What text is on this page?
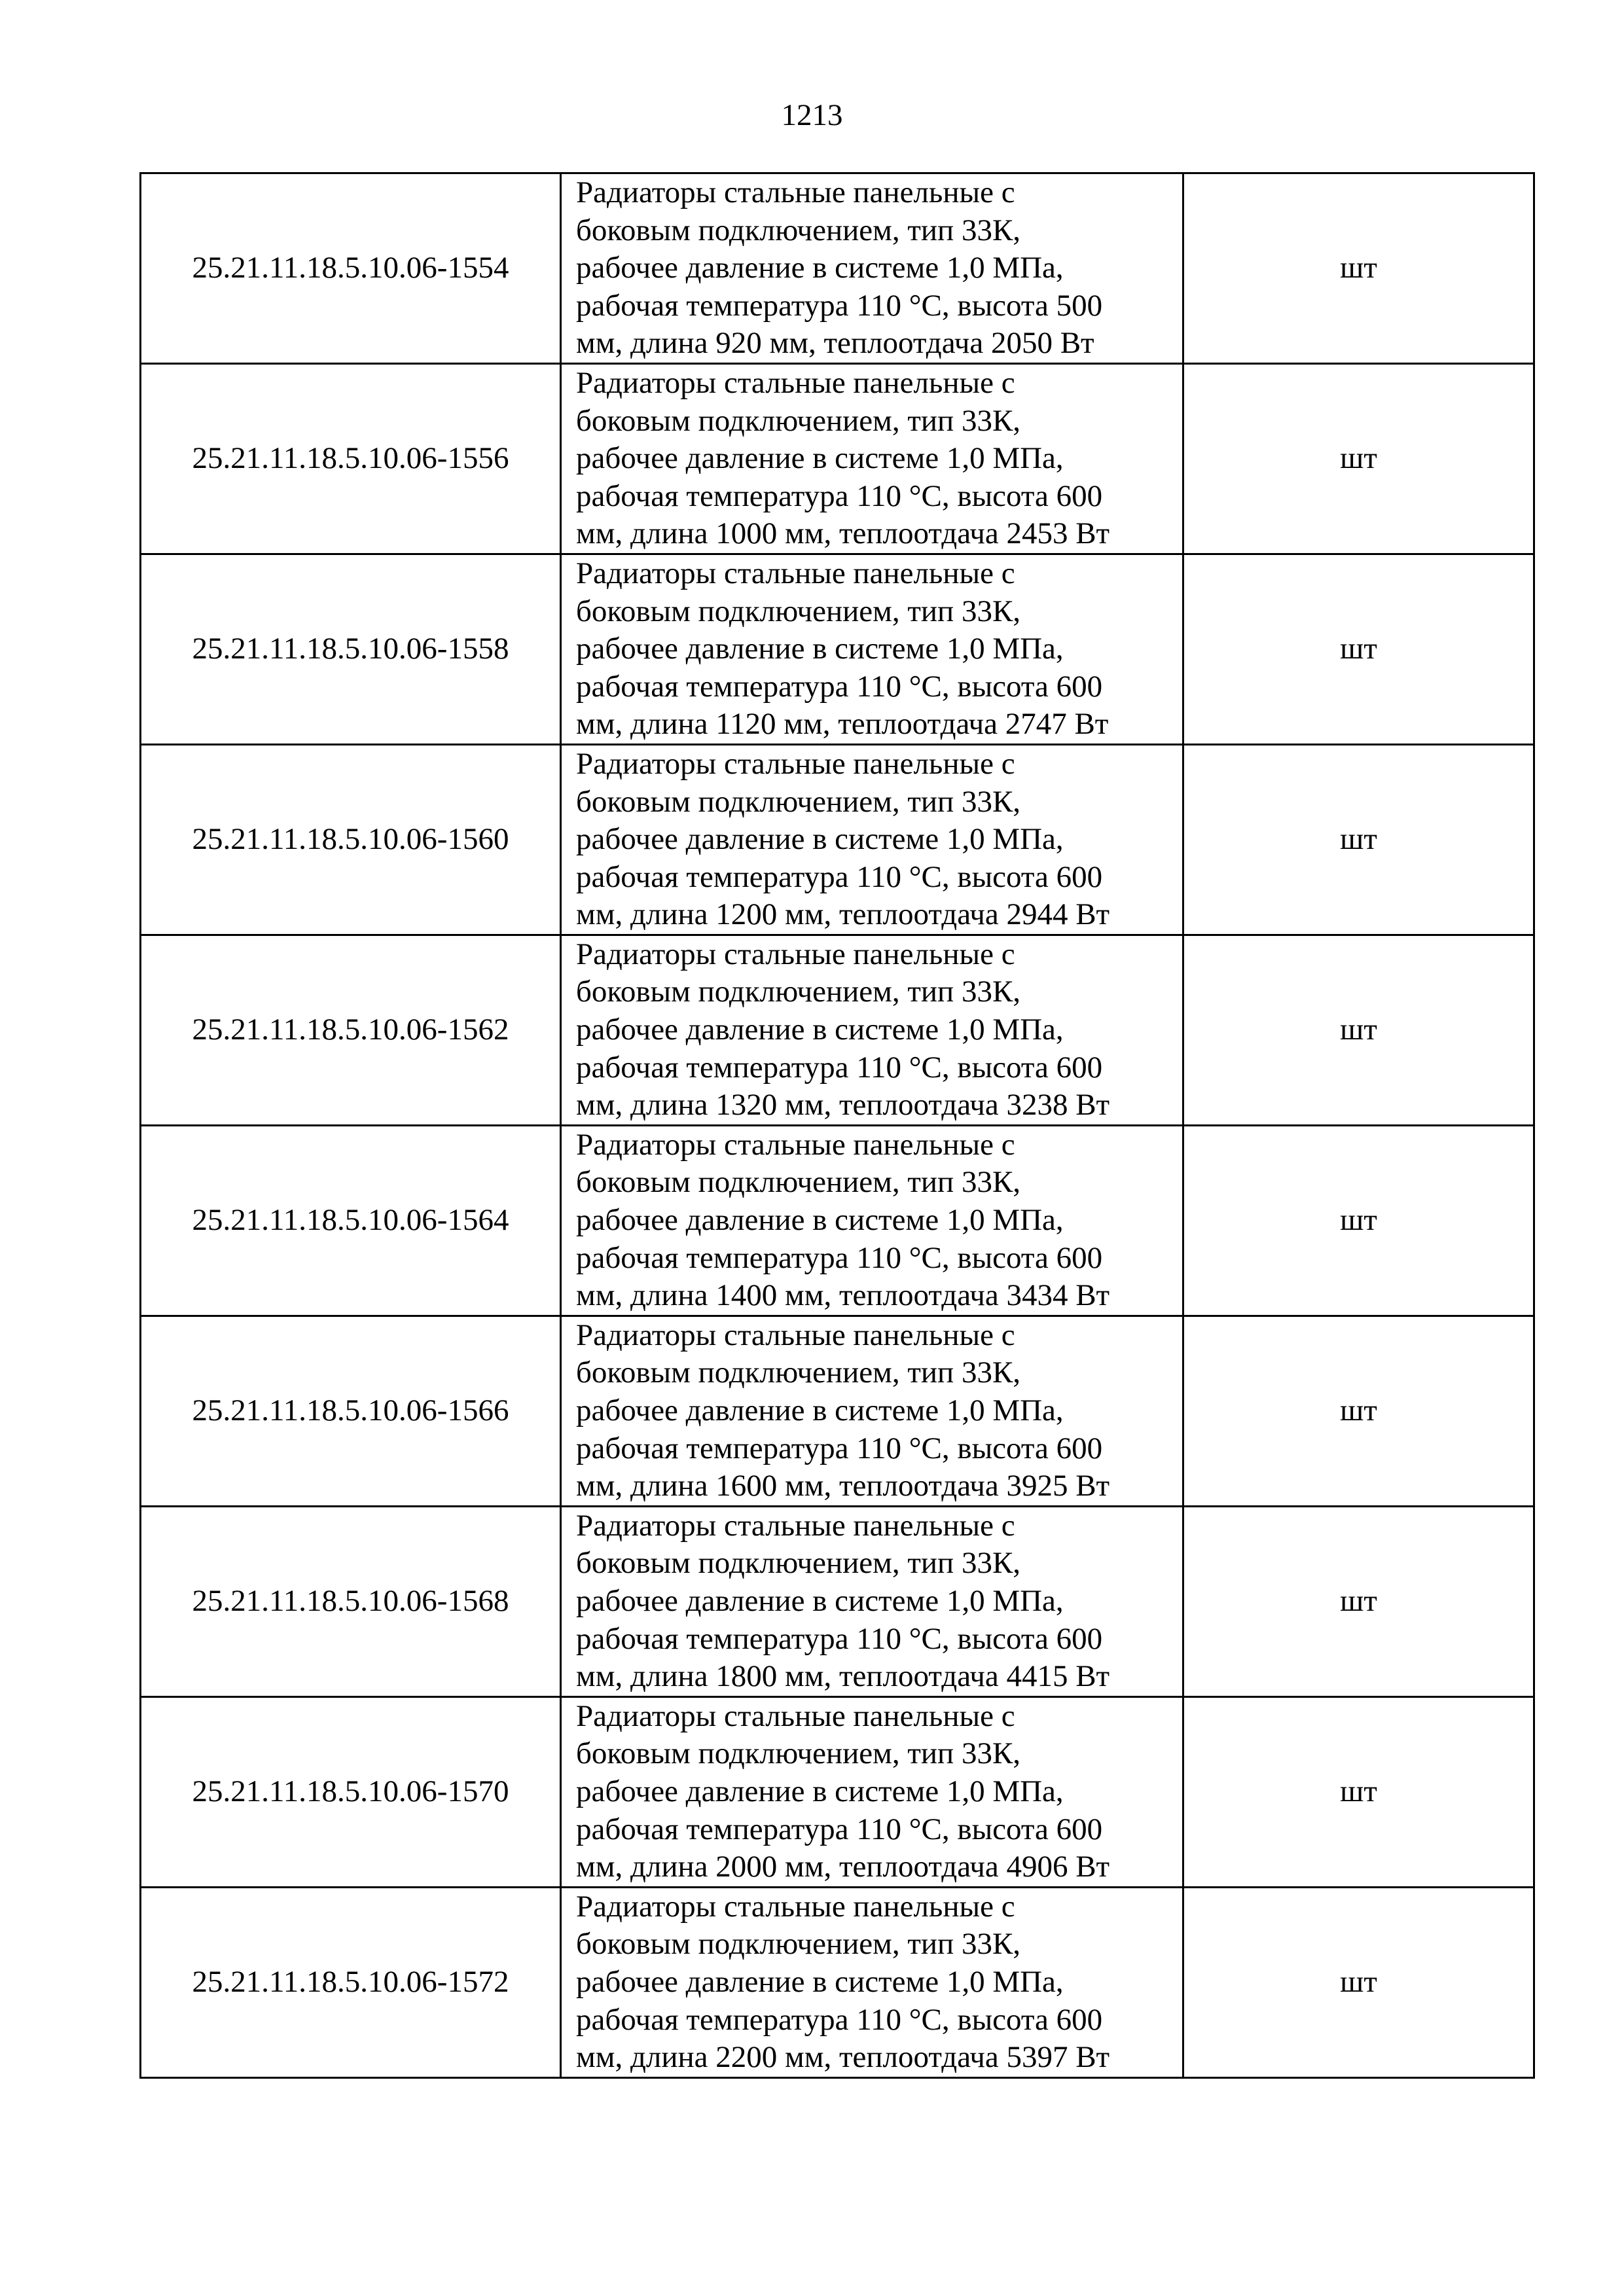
1213
25.21.11.18.5.10.06-1554	Радиаторы стальные панельные с
боковым подключением, тип 33К,
рабочее давление в системе 1,0 МПа,
рабочая температура 110 °С, высота 500
мм, длина 920 мм, теплоотдача 2050 Вт	шт
25.21.11.18.5.10.06-1556	Радиаторы стальные панельные с
боковым подключением, тип 33К,
рабочее давление в системе 1,0 МПа,
рабочая температура 110 °С, высота 600
мм, длина 1000 мм, теплоотдача 2453 Вт	шт
25.21.11.18.5.10.06-1558	Радиаторы стальные панельные с
боковым подключением, тип 33К,
рабочее давление в системе 1,0 МПа,
рабочая температура 110 °С, высота 600
мм, длина 1120 мм, теплоотдача 2747 Вт	шт
25.21.11.18.5.10.06-1560	Радиаторы стальные панельные с
боковым подключением, тип 33К,
рабочее давление в системе 1,0 МПа,
рабочая температура 110 °С, высота 600
мм, длина 1200 мм, теплоотдача 2944 Вт	шт
25.21.11.18.5.10.06-1562	Радиаторы стальные панельные с
боковым подключением, тип 33К,
рабочее давление в системе 1,0 МПа,
рабочая температура 110 °С, высота 600
мм, длина 1320 мм, теплоотдача 3238 Вт	шт
25.21.11.18.5.10.06-1564	Радиаторы стальные панельные с
боковым подключением, тип 33К,
рабочее давление в системе 1,0 МПа,
рабочая температура 110 °С, высота 600
мм, длина 1400 мм, теплоотдача 3434 Вт	шт
25.21.11.18.5.10.06-1566	Радиаторы стальные панельные с
боковым подключением, тип 33К,
рабочее давление в системе 1,0 МПа,
рабочая температура 110 °С, высота 600
мм, длина 1600 мм, теплоотдача 3925 Вт	шт
25.21.11.18.5.10.06-1568	Радиаторы стальные панельные с
боковым подключением, тип 33К,
рабочее давление в системе 1,0 МПа,
рабочая температура 110 °С, высота 600
мм, длина 1800 мм, теплоотдача 4415 Вт	шт
25.21.11.18.5.10.06-1570	Радиаторы стальные панельные с
боковым подключением, тип 33К,
рабочее давление в системе 1,0 МПа,
рабочая температура 110 °С, высота 600
мм, длина 2000 мм, теплоотдача 4906 Вт	шт
25.21.11.18.5.10.06-1572	Радиаторы стальные панельные с
боковым подключением, тип 33К,
рабочее давление в системе 1,0 МПа,
рабочая температура 110 °С, высота 600
мм, длина 2200 мм, теплоотдача 5397 Вт	шт
